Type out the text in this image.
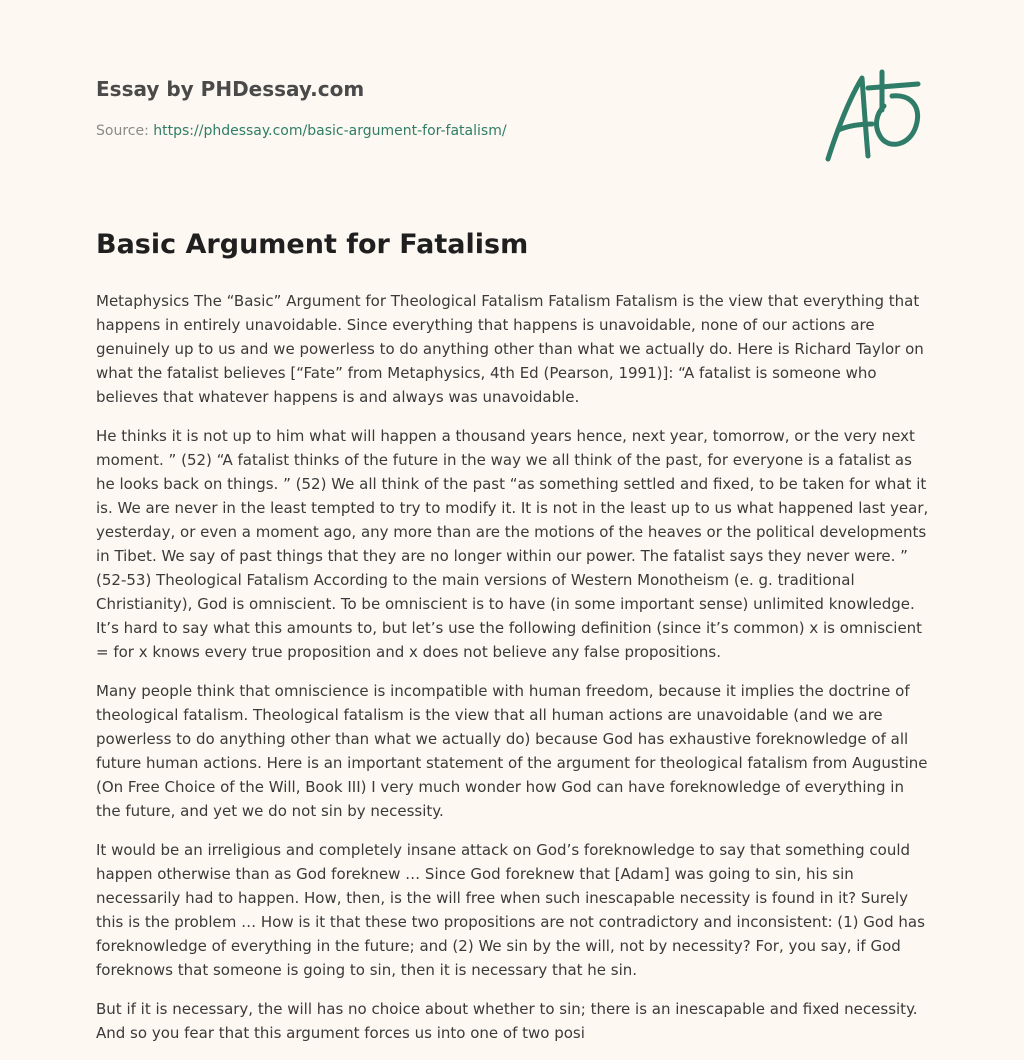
Essay by PHDessay.com
Source: https://phdessay.com/basic-argument-for-fatalism/
Basic Argument for Fatalism

Metaphysics The “Basic” Argument for Theological Fatalism Fatalism Fatalism is the view that everything that happens in entirely unavoidable. Since everything that happens is unavoidable, none of our actions are genuinely up to us and we powerless to do anything other than what we actually do. Here is Richard Taylor on what the fatalist believes [“Fate” from Metaphysics, 4th Ed (Pearson, 1991)]: “A fatalist is someone who believes that whatever happens is and always was unavoidable.

He thinks it is not up to him what will happen a thousand years hence, next year, tomorrow, or the very next moment. ” (52) “A fatalist thinks of the future in the way we all think of the past, for everyone is a fatalist as he looks back on things. ” (52) We all think of the past “as something settled and fixed, to be taken for what it is. We are never in the least tempted to try to modify it. It is not in the least up to us what happened last year, yesterday, or even a moment ago, any more than are the motions of the heaves or the political developments in Tibet. We say of past things that they are no longer within our power. The fatalist says they never were. ” (52-53) Theological Fatalism According to the main versions of Western Monotheism (e. g. traditional Christianity), God is omniscient. To be omniscient is to have (in some important sense) unlimited knowledge. It’s hard to say what this amounts to, but let’s use the following definition (since it’s common) x is omniscient = for x knows every true proposition and x does not believe any false propositions.

Many people think that omniscience is incompatible with human freedom, because it implies the doctrine of theological fatalism. Theological fatalism is the view that all human actions are unavoidable (and we are powerless to do anything other than what we actually do) because God has exhaustive foreknowledge of all future human actions. Here is an important statement of the argument for theological fatalism from Augustine (On Free Choice of the Will, Book III) I very much wonder how God can have foreknowledge of everything in the future, and yet we do not sin by necessity.

It would be an irreligious and completely insane attack on God’s foreknowledge to say that something could happen otherwise than as God foreknew … Since God foreknew that [Adam] was going to sin, his sin necessarily had to happen. How, then, is the will free when such inescapable necessity is found in it? Surely this is the problem … How is it that these two propositions are not contradictory and inconsistent: (1) God has foreknowledge of everything in the future; and (2) We sin by the will, not by necessity? For, you say, if God foreknows that someone is going to sin, then it is necessary that he sin.

But if it is necessary, the will has no choice about whether to sin; there is an inescapable and fixed necessity. And so you fear that this argument forces us into one of two posi
